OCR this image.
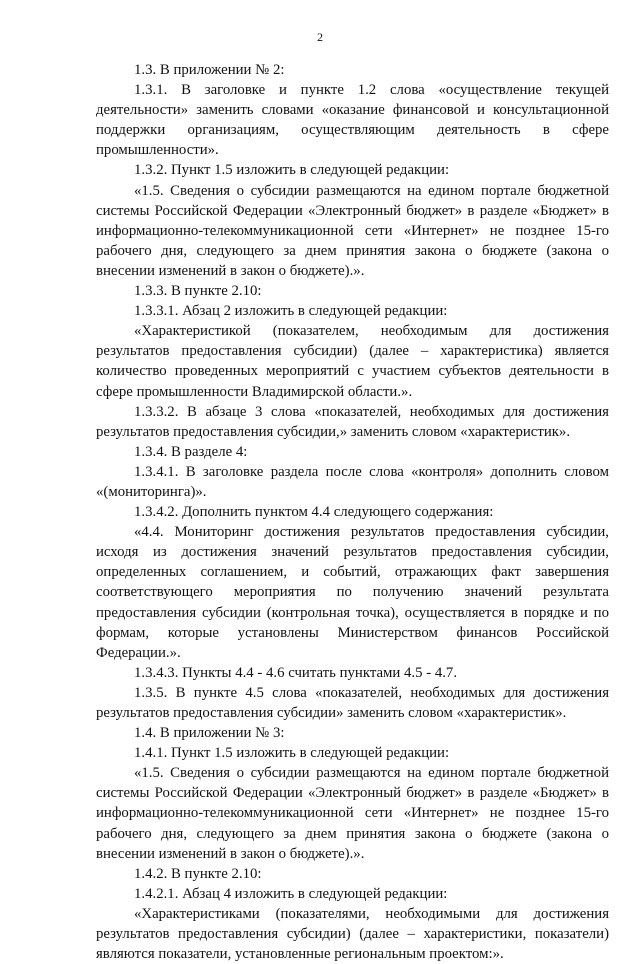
2

1.3. В приложении № 2:

1.3.1. В заголовке и пункте 1.2 слова «осуществление текущей деятельности» заменить словами «оказание финансовой и консультационной поддержки организациям, осуществляющим деятельность в сфере промышленности».

1.3.2. Пункт 1.5 изложить в следующей редакции:

«1.5. Сведения о субсидии размещаются на едином портале бюджетной системы Российской Федерации «Электронный бюджет» в разделе «Бюджет» в информационно-телекоммуникационной сети «Интернет» не позднее 15-го рабочего дня, следующего за днем принятия закона о бюджете (закона о внесении изменений в закон о бюджете).».

1.3.3. В пункте 2.10:

1.3.3.1. Абзац 2 изложить в следующей редакции:

«Характеристикой (показателем, необходимым для достижения результатов предоставления субсидии) (далее – характеристика) является количество проведенных мероприятий с участием субъектов деятельности в сфере промышленности Владимирской области.».

1.3.3.2. В абзаце 3 слова «показателей, необходимых для достижения результатов предоставления субсидии,» заменить словом «характеристик».

1.3.4. В разделе 4:

1.3.4.1. В заголовке раздела после слова «контроля» дополнить словом «(мониторинга)».

1.3.4.2. Дополнить пунктом 4.4 следующего содержания:

«4.4. Мониторинг достижения результатов предоставления субсидии, исходя из достижения значений результатов предоставления субсидии, определенных соглашением, и событий, отражающих факт завершения соответствующего мероприятия по получению значений результата предоставления субсидии (контрольная точка), осуществляется в порядке и по формам, которые установлены Министерством финансов Российской Федерации.».

1.3.4.3. Пункты 4.4 - 4.6 считать пунктами 4.5 - 4.7.

1.3.5. В пункте 4.5 слова «показателей, необходимых для достижения результатов предоставления субсидии» заменить словом «характеристик».

1.4. В приложении № 3:

1.4.1. Пункт 1.5 изложить в следующей редакции:

«1.5. Сведения о субсидии размещаются на едином портале бюджетной системы Российской Федерации «Электронный бюджет» в разделе «Бюджет» в информационно-телекоммуникационной сети «Интернет» не позднее 15-го рабочего дня, следующего за днем принятия закона о бюджете (закона о внесении изменений в закон о бюджете).».

1.4.2. В пункте 2.10:

1.4.2.1. Абзац 4 изложить в следующей редакции:

«Характеристиками (показателями, необходимыми для достижения результатов предоставления субсидии) (далее – характеристики, показатели) являются показатели, установленные региональным проектом:».
